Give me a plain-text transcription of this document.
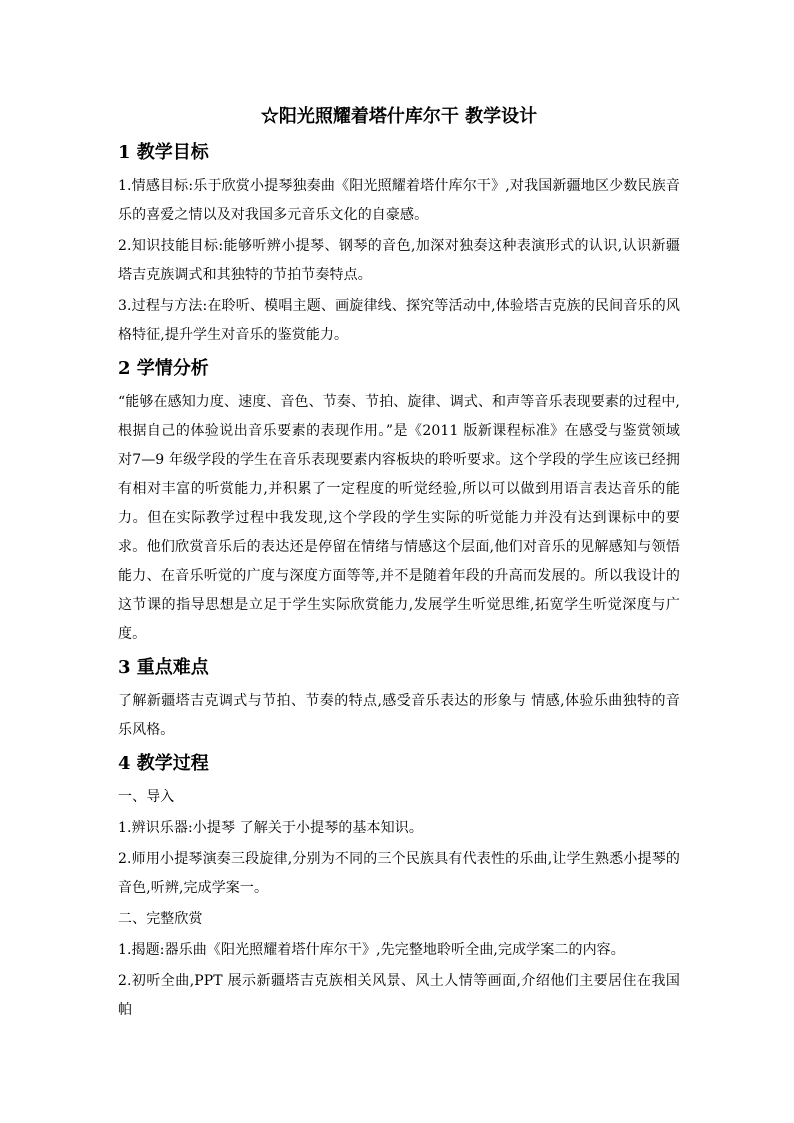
☆阳光照耀着塔什库尔干 教学设计
1 教学目标

1.情感目标:乐于欣赏小提琴独奏曲《阳光照耀着塔什库尔干》,对我国新疆地区少数民族音乐的喜爱之情以及对我国多元音乐文化的自豪感。

2.知识技能目标:能够听辨小提琴、钢琴的音色,加深对独奏这种表演形式的认识,认识新疆塔吉克族调式和其独特的节拍节奏特点。

3.过程与方法:在聆听、模唱主题、画旋律线、探究等活动中,体验塔吉克族的民间音乐的风格特征,提升学生对音乐的鉴赏能力。

2 学情分析

“能够在感知力度、速度、音色、节奏、节拍、旋律、调式、和声等音乐表现要素的过程中,根据自己的体验说出音乐要素的表现作用。”是《2011 版新课程标准》在感受与鉴赏领域对7—9 年级学段的学生在音乐表现要素内容板块的聆听要求。这个学段的学生应该已经拥有相对丰富的听赏能力,并积累了一定程度的听觉经验,所以可以做到用语言表达音乐的能力。但在实际教学过程中我发现,这个学段的学生实际的听觉能力并没有达到课标中的要求。他们欣赏音乐后的表达还是停留在情绪与情感这个层面,他们对音乐的见解感知与领悟能力、在音乐听觉的广度与深度方面等等,并不是随着年段的升高而发展的。所以我设计的这节课的指导思想是立足于学生实际欣赏能力,发展学生听觉思维,拓宽学生听觉深度与广度。

3 重点难点

了解新疆塔吉克调式与节拍、节奏的特点,感受音乐表达的形象与 情感,体验乐曲独特的音乐风格。

4 教学过程

一、导入

1.辨识乐器:小提琴 了解关于小提琴的基本知识。

2.师用小提琴演奏三段旋律,分别为不同的三个民族具有代表性的乐曲,让学生熟悉小提琴的音色,听辨,完成学案一。

二、完整欣赏

1.揭题:器乐曲《阳光照耀着塔什库尔干》,先完整地聆听全曲,完成学案二的内容。

2.初听全曲,PPT 展示新疆塔吉克族相关风景、风土人情等画面,介绍他们主要居住在我国帕
